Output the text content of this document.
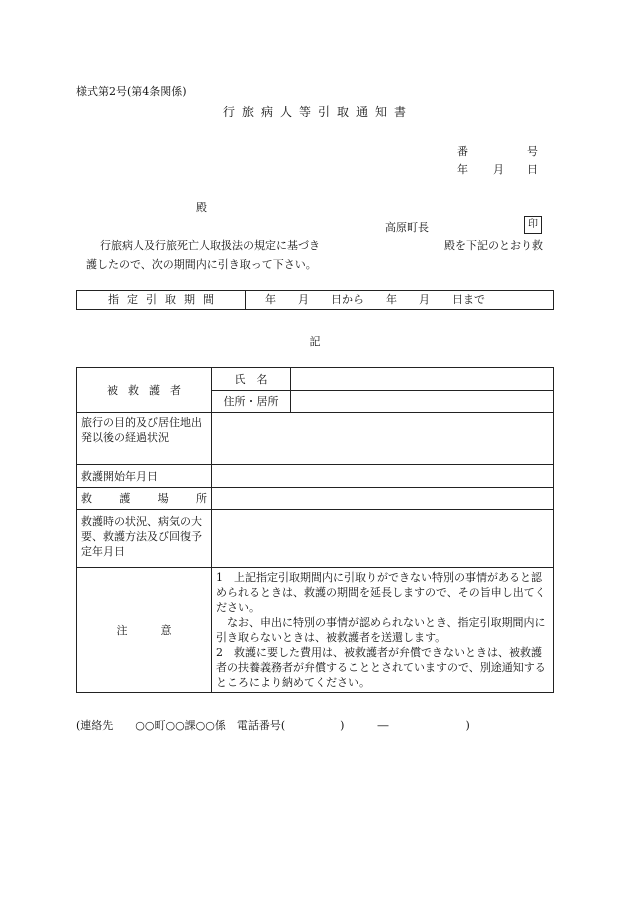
様式第2号(第4条関係)
行旅病人等引取通知書
番	号
年 月 日
殿
高原町長	印
行旅病人及行旅死亡人取扱法の規定に基づき	殿を下記のとおり救
護したので、次の期間内に引き取って下さい。
指定引取期間	年　　月　　日から　　年　　月　　日まで
記
被救護者	氏　名	
	住所・居所	
旅行の目的及び居住地出発以後の経過状況		
救護開始年月日		
救護場所		
救護時の状況、病気の大要、救護方法及び回復予定年月日		
注　　　意	1　上記指定引取期間内に引取りができない特別の事情があると認められるときは、救護の期間を延長しますので、その旨申し出てください。

なお、申出に特別の事情が認められないとき、指定引取期間内に引き取らないときは、被救護者を送還します。

2　救護に要した費用は、被救護者が弁償できないときは、被救護者の扶養義務者が弁償することとされていますので、別途通知するところにより納めてください。	

(連絡先　　○○町○○課○○係　電話番号(　　　　　)　　　―　　　　　　　)
